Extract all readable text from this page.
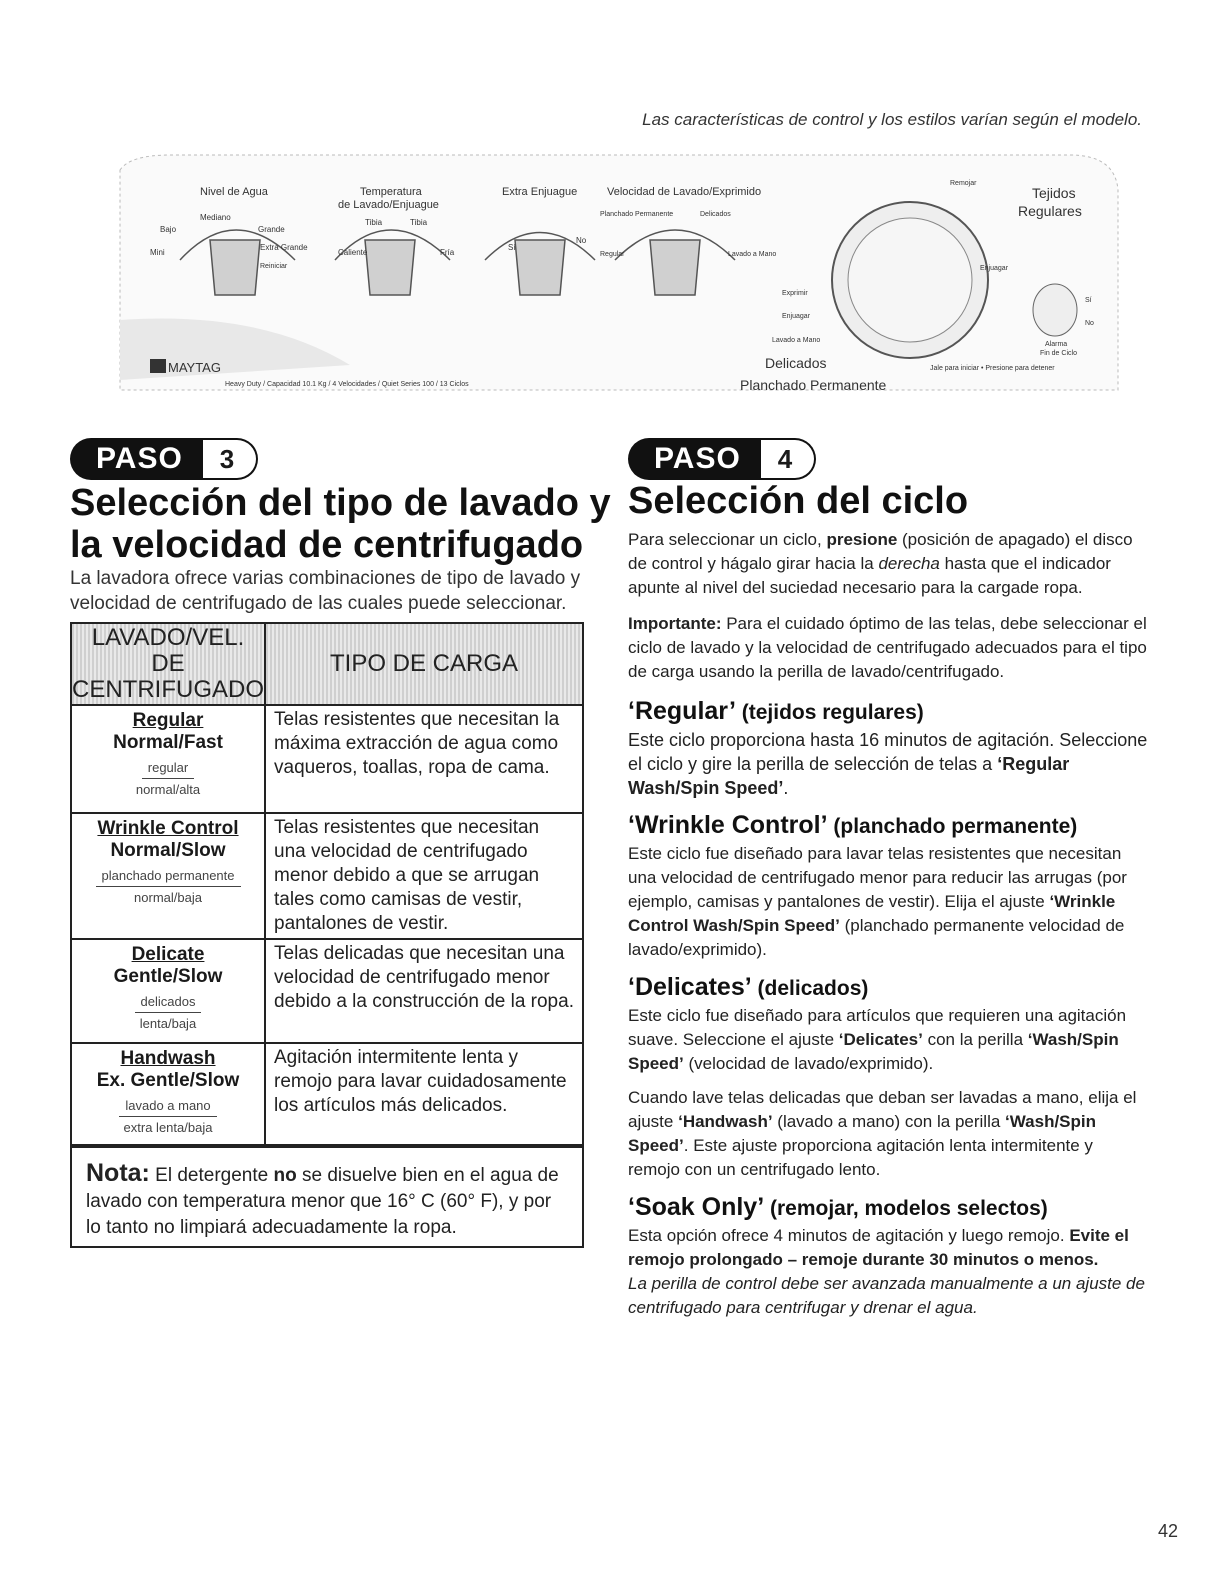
Las características de control y los estilos varían según el modelo.
Nivel de Agua
Mediano
Bajo	Grande
Mini
Extra Grande
Reiniciar
Temperatura
de Lavado/Enjuague
Tibia	Tibia
Caliente	Fría
Extra Enjuague
Sí
No
Velocidad de Lavado/Exprimido
Planchado Permanente	Delicados
Regular	Lavado a Mano
Tejidos
Regulares
Remojar
Exprimir
Enjuagar
Lavado a Mano
Enjuagar
Delicados
Planchado Permanente
Jale para iniciar • Presione para detener
Sí
No
Alarma
Fin de Ciclo
MAYTAG
Heavy Duty / Capacidad 10.1 Kg / 4 Velocidades / Quiet Series 100 / 13 Ciclos
PASO	3
Selección del tipo de lavado y
la velocidad de centrifugado
La lavadora ofrece varias combinaciones de tipo de lavado y velocidad de centrifugado de las cuales puede seleccionar.
LAVADO/VEL. DE CENTRIFUGADO	TIPO DE CARGA

Regular
Normal/Fast
regular
normal/alta	Telas resistentes que necesitan la máxima extracción de agua como vaqueros, toallas, ropa de cama.

Wrinkle Control
Normal/Slow
planchado permanente
normal/baja	Telas resistentes que necesitan una velocidad de centrifugado menor debido a que se arrugan tales como camisas de vestir, pantalones de vestir.

Delicate
Gentle/Slow
delicados
lenta/baja	Telas delicadas que necesitan una velocidad de centrifugado menor debido a la construcción de la ropa.

Handwash
Ex. Gentle/Slow
lavado a mano
extra lenta/baja	Agitación intermitente lenta y remojo para lavar cuidadosamente los artículos más delicados.
Nota: El detergente no se disuelve bien en el agua de lavado con temperatura menor que 16° C (60° F), y por lo tanto no limpiará adecuadamente la ropa.
PASO	4
Selección del ciclo

Para seleccionar un ciclo, presione (posición de apagado) el disco de control y hágalo girar hacia la derecha hasta que el indicador apunte al nivel del suciedad necesario para la cargade ropa.

Importante: Para el cuidado óptimo de las telas, debe seleccionar el ciclo de lavado y la velocidad de centrifugado adecuados para el tipo de carga usando la perilla de lavado/centrifugado.

‘Regular’ (tejidos regulares)

Este ciclo proporciona hasta 16 minutos de agitación. Seleccione el ciclo y gire la perilla de selección de telas a ‘Regular Wash/Spin Speed’.

‘Wrinkle Control’ (planchado permanente)

Este ciclo fue diseñado para lavar telas resistentes que necesitan una velocidad de centrifugado menor para reducir las arrugas (por ejemplo, camisas y pantalones de vestir). Elija el ajuste ‘Wrinkle Control Wash/Spin Speed’ (planchado permanente velocidad de lavado/exprimido).

‘Delicates’ (delicados)

Este ciclo fue diseñado para artículos que requieren una agitación suave. Seleccione el ajuste ‘Delicates’ con la perilla ‘Wash/Spin Speed’ (velocidad de lavado/exprimido).

Cuando lave telas delicadas que deban ser lavadas a mano, elija el ajuste ‘Handwash’ (lavado a mano) con la perilla ‘Wash/Spin Speed’. Este ajuste proporciona agitación lenta intermitente y remojo con un centrifugado lento.

‘Soak Only’ (remojar, modelos selectos)

Esta opción ofrece 4 minutos de agitación y luego remojo. Evite el remojo prolongado – remoje durante 30 minutos o menos.

La perilla de control debe ser avanzada manualmente a un ajuste de centrifugado para centrifugar y drenar el agua.

42
